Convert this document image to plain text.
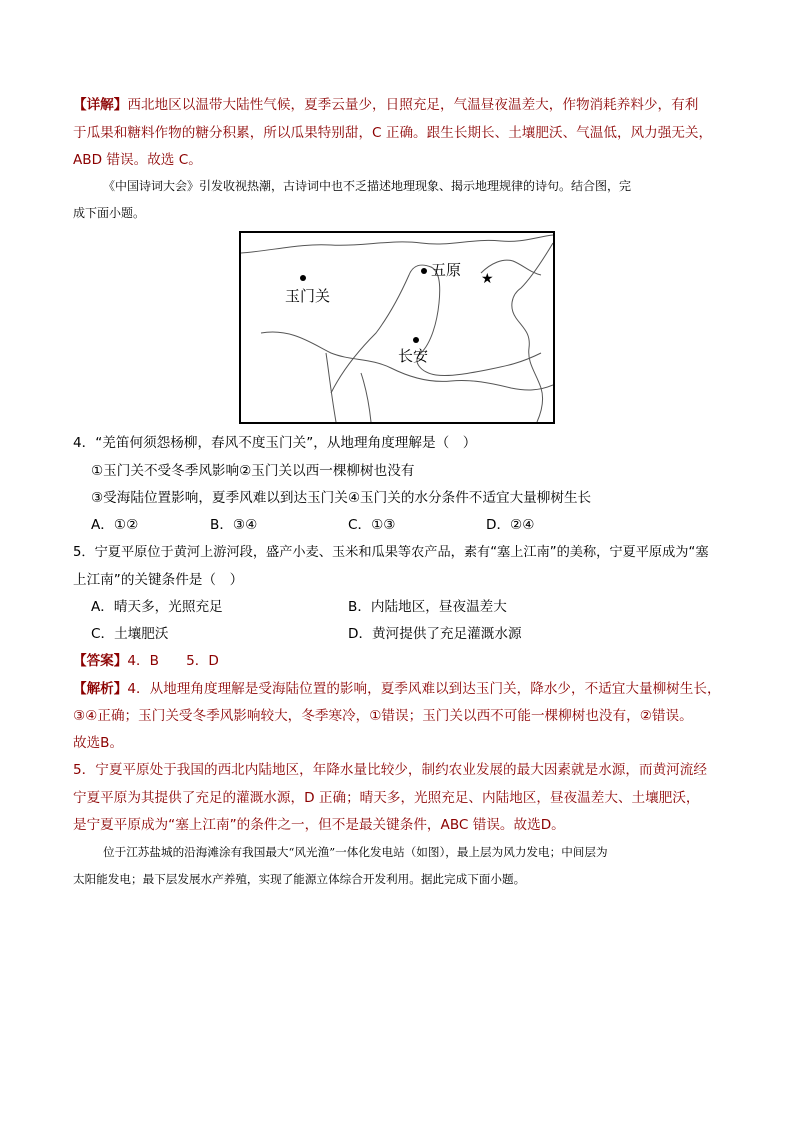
【详解】西北地区以温带大陆性气候，夏季云量少，日照充足，气温昼夜温差大，作物消耗养料少，有利
于瓜果和糖料作物的糖分积累，所以瓜果特别甜，C 正确。跟生长期长、土壤肥沃、气温低，风力强无关，
ABD 错误。故选 C。
《中国诗词大会》引发收视热潮，古诗词中也不乏描述地理现象、揭示地理规律的诗句。结合图，完
成下面小题。
玉门关
五原 ★
长安
4．“羌笛何须怨杨柳，春风不度玉门关”，从地理角度理解是（　）
①玉门关不受冬季风影响②玉门关以西一棵柳树也没有
③受海陆位置影响，夏季风难以到达玉门关④玉门关的水分条件不适宜大量柳树生长
A．①②	B．③④	C．①③	D．②④
5．宁夏平原位于黄河上游河段，盛产小麦、玉米和瓜果等农产品，素有“塞上江南”的美称，宁夏平原成为“塞
上江南”的关键条件是（　）
A．晴天多，光照充足	B．内陆地区，昼夜温差大
C．土壤肥沃	D．黄河提供了充足灌溉水源
【答案】4．B　　5．D
【解析】4．从地理角度理解是受海陆位置的影响，夏季风难以到达玉门关，降水少，不适宜大量柳树生长，
③④正确；玉门关受冬季风影响较大，冬季寒冷，①错误；玉门关以西不可能一棵柳树也没有，②错误。
故选B。
5．宁夏平原处于我国的西北内陆地区，年降水量比较少，制约农业发展的最大因素就是水源，而黄河流经
宁夏平原为其提供了充足的灌溉水源，D 正确；晴天多，光照充足、内陆地区，昼夜温差大、土壤肥沃，
是宁夏平原成为“塞上江南”的条件之一，但不是最关键条件，ABC 错误。故选D。
位于江苏盐城的沿海滩涂有我国最大“风光渔”一体化发电站（如图），最上层为风力发电；中间层为
太阳能发电；最下层发展水产养殖，实现了能源立体综合开发利用。据此完成下面小题。
